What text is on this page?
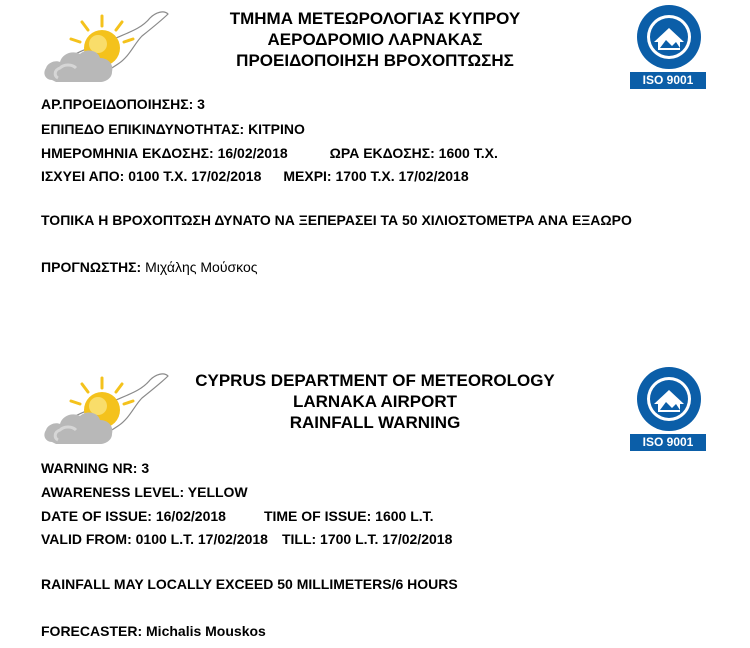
ΤΜΗΜΑ ΜΕΤΕΩΡΟΛΟΓΙΑΣ ΚΥΠΡΟΥ
ΑΕΡΟΔΡΟΜΙΟ ΛΑΡΝΑΚΑΣ
ΠΡΟΕΙΔΟΠΟΙΗΣΗ ΒΡΟΧΟΠΤΩΣΗΣ
ISO 9001
ΑΡ.ΠΡΟΕΙΔΟΠΟΙΗΣΗΣ: 3
ΕΠΙΠΕΔΟ ΕΠΙΚΙΝΔΥΝΟΤΗΤΑΣ: ΚΙΤΡΙΝΟ
ΗΜΕΡΟΜΗΝΙΑ ΕΚΔΟΣΗΣ: 16/02/2018	ΩΡΑ ΕΚΔΟΣΗΣ: 1600 Τ.Χ.
ΙΣΧΥΕΙ ΑΠΟ: 0100 Τ.Χ. 17/02/2018 ΜΕΧΡΙ: 1700 Τ.Χ. 17/02/2018
ΤΟΠΙΚΑ Η ΒΡΟΧΟΠΤΩΣΗ ΔΥΝΑΤΟ ΝΑ ΞΕΠΕΡΑΣΕΙ ΤΑ 50 ΧΙΛΙΟΣΤΟΜΕΤΡΑ ΑΝΑ ΕΞΑΩΡΟ
ΠΡΟΓΝΩΣΤΗΣ: Μιχάλης Μούσκος
CYPRUS DEPARTMENT OF METEOROLOGY
LARNAKA AIRPORT
RAINFALL WARNING
ISO 9001
WARNING NR: 3
AWARENESS LEVEL: YELLOW
DATE OF ISSUE: 16/02/2018	TIME OF ISSUE: 1600 L.T.
VALID FROM: 0100 L.T. 17/02/2018 TILL: 1700 L.T. 17/02/2018
RAINFALL MAY LOCALLY EXCEED 50 MILLIMETERS/6 HOURS
FORECASTER: Michalis Mouskos
